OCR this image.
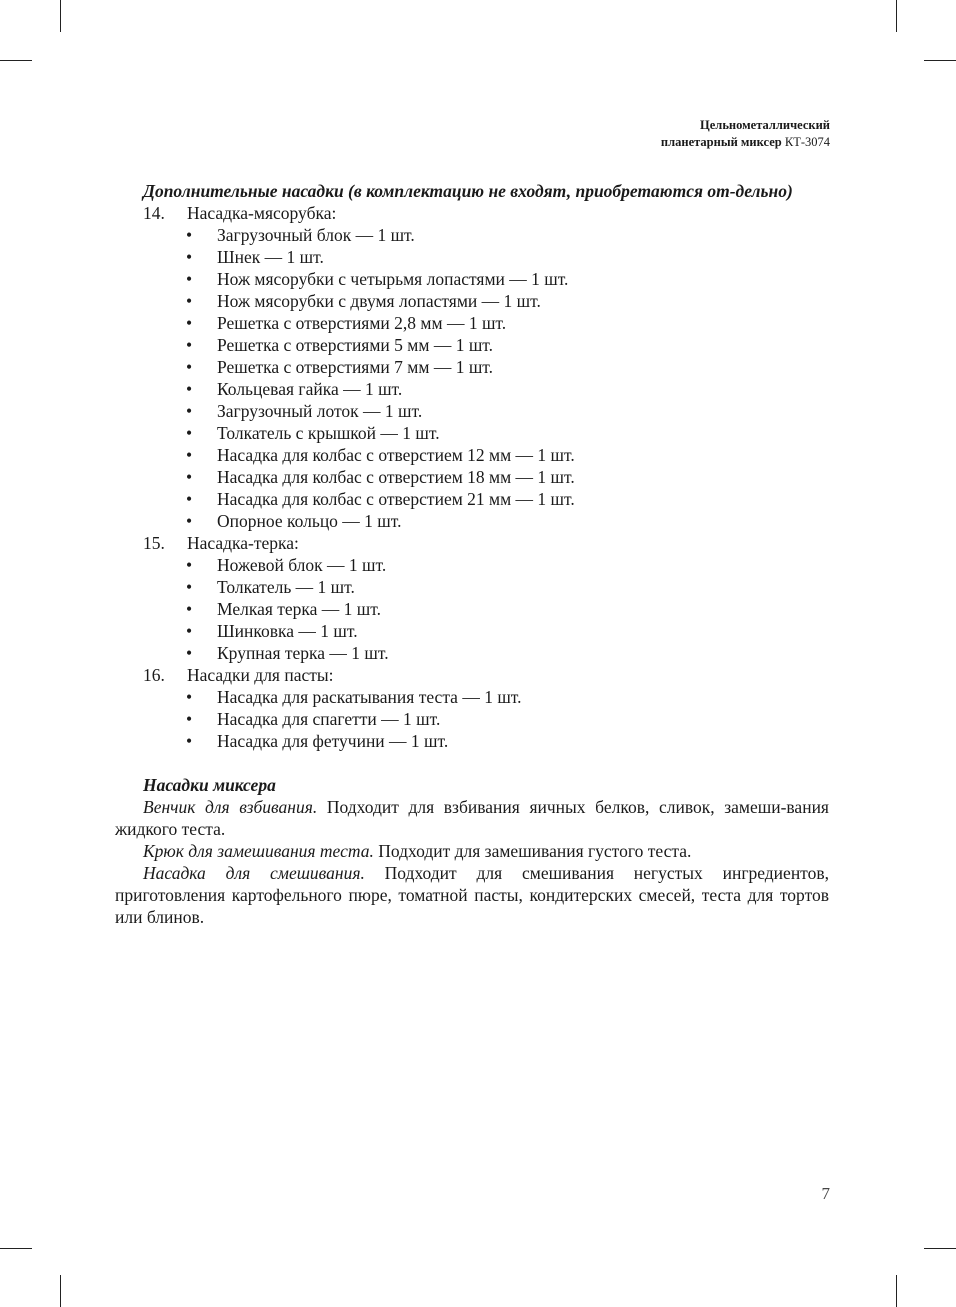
Цельнометаллический
планетарный миксер КТ-3074

Дополнительные насадки (в комплектацию не входят, приобретаются от-дельно)

14.	Насадка-мясорубка:
•	Загрузочный блок — 1 шт.
•	Шнек — 1 шт.
•	Нож мясорубки с четырьмя лопастями — 1 шт.
•	Нож мясорубки с двумя лопастями — 1 шт.
•	Решетка с отверстиями 2,8 мм — 1 шт.
•	Решетка с отверстиями 5 мм — 1 шт.
•	Решетка с отверстиями 7 мм — 1 шт.
•	Кольцевая гайка — 1 шт.
•	Загрузочный лоток — 1 шт.
•	Толкатель с крышкой — 1 шт.
•	Насадка для колбас с отверстием 12 мм — 1 шт.
•	Насадка для колбас с отверстием 18 мм — 1 шт.
•	Насадка для колбас с отверстием 21 мм — 1 шт.
•	Опорное кольцо — 1 шт.
15.	Насадка-терка:
•	Ножевой блок — 1 шт.
•	Толкатель — 1 шт.
•	Мелкая терка — 1 шт.
•	Шинковка — 1 шт.
•	Крупная терка — 1 шт.
16.	Насадки для пасты:
•	Насадка для раскатывания теста — 1 шт.
•	Насадка для спагетти — 1 шт.
•	Насадка для фетучини — 1 шт.

Насадки миксера

Венчик для взбивания. Подходит для взбивания яичных белков, сливок, замеши-вания жидкого теста.

Крюк для замешивания теста. Подходит для замешивания густого теста.

Насадка для смешивания. Подходит для смешивания негустых ингредиентов, приготовления картофельного пюре, томатной пасты, кондитерских смесей, теста для тортов или блинов.

7
